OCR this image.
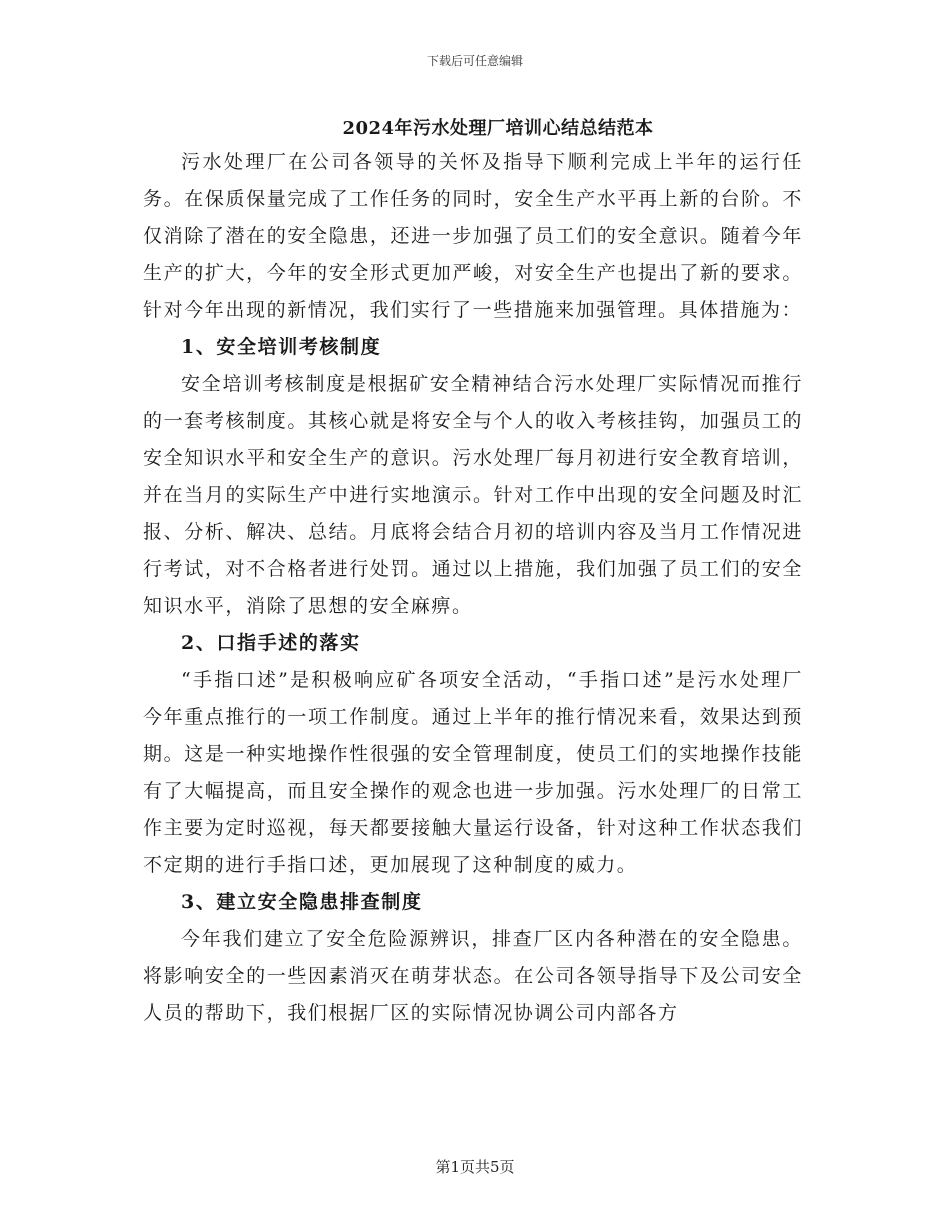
下载后可任意编辑
2024年污水处理厂培训心结总结范本

污水处理厂在公司各领导的关怀及指导下顺利完成上半年的运行任务。在保质保量完成了工作任务的同时，安全生产水平再上新的台阶。不仅消除了潜在的安全隐患，还进一步加强了员工们的安全意识。随着今年生产的扩大，今年的安全形式更加严峻，对安全生产也提出了新的要求。针对今年出现的新情况，我们实行了一些措施来加强管理。具体措施为：

1、安全培训考核制度

安全培训考核制度是根据矿安全精神结合污水处理厂实际情况而推行的一套考核制度。其核心就是将安全与个人的收入考核挂钩，加强员工的安全知识水平和安全生产的意识。污水处理厂每月初进行安全教育培训，并在当月的实际生产中进行实地演示。针对工作中出现的安全问题及时汇报、分析、解决、总结。月底将会结合月初的培训内容及当月工作情况进行考试，对不合格者进行处罚。通过以上措施，我们加强了员工们的安全知识水平，消除了思想的安全麻痹。

2、口指手述的落实

“手指口述”是积极响应矿各项安全活动，“手指口述”是污水处理厂今年重点推行的一项工作制度。通过上半年的推行情况来看，效果达到预期。这是一种实地操作性很强的安全管理制度，使员工们的实地操作技能有了大幅提高，而且安全操作的观念也进一步加强。污水处理厂的日常工作主要为定时巡视，每天都要接触大量运行设备，针对这种工作状态我们不定期的进行手指口述，更加展现了这种制度的威力。

3、建立安全隐患排查制度

今年我们建立了安全危险源辨识，排查厂区内各种潜在的安全隐患。将影响安全的一些因素消灭在萌芽状态。在公司各领导指导下及公司安全人员的帮助下，我们根据厂区的实际情况协调公司内部各方

第1页共5页
